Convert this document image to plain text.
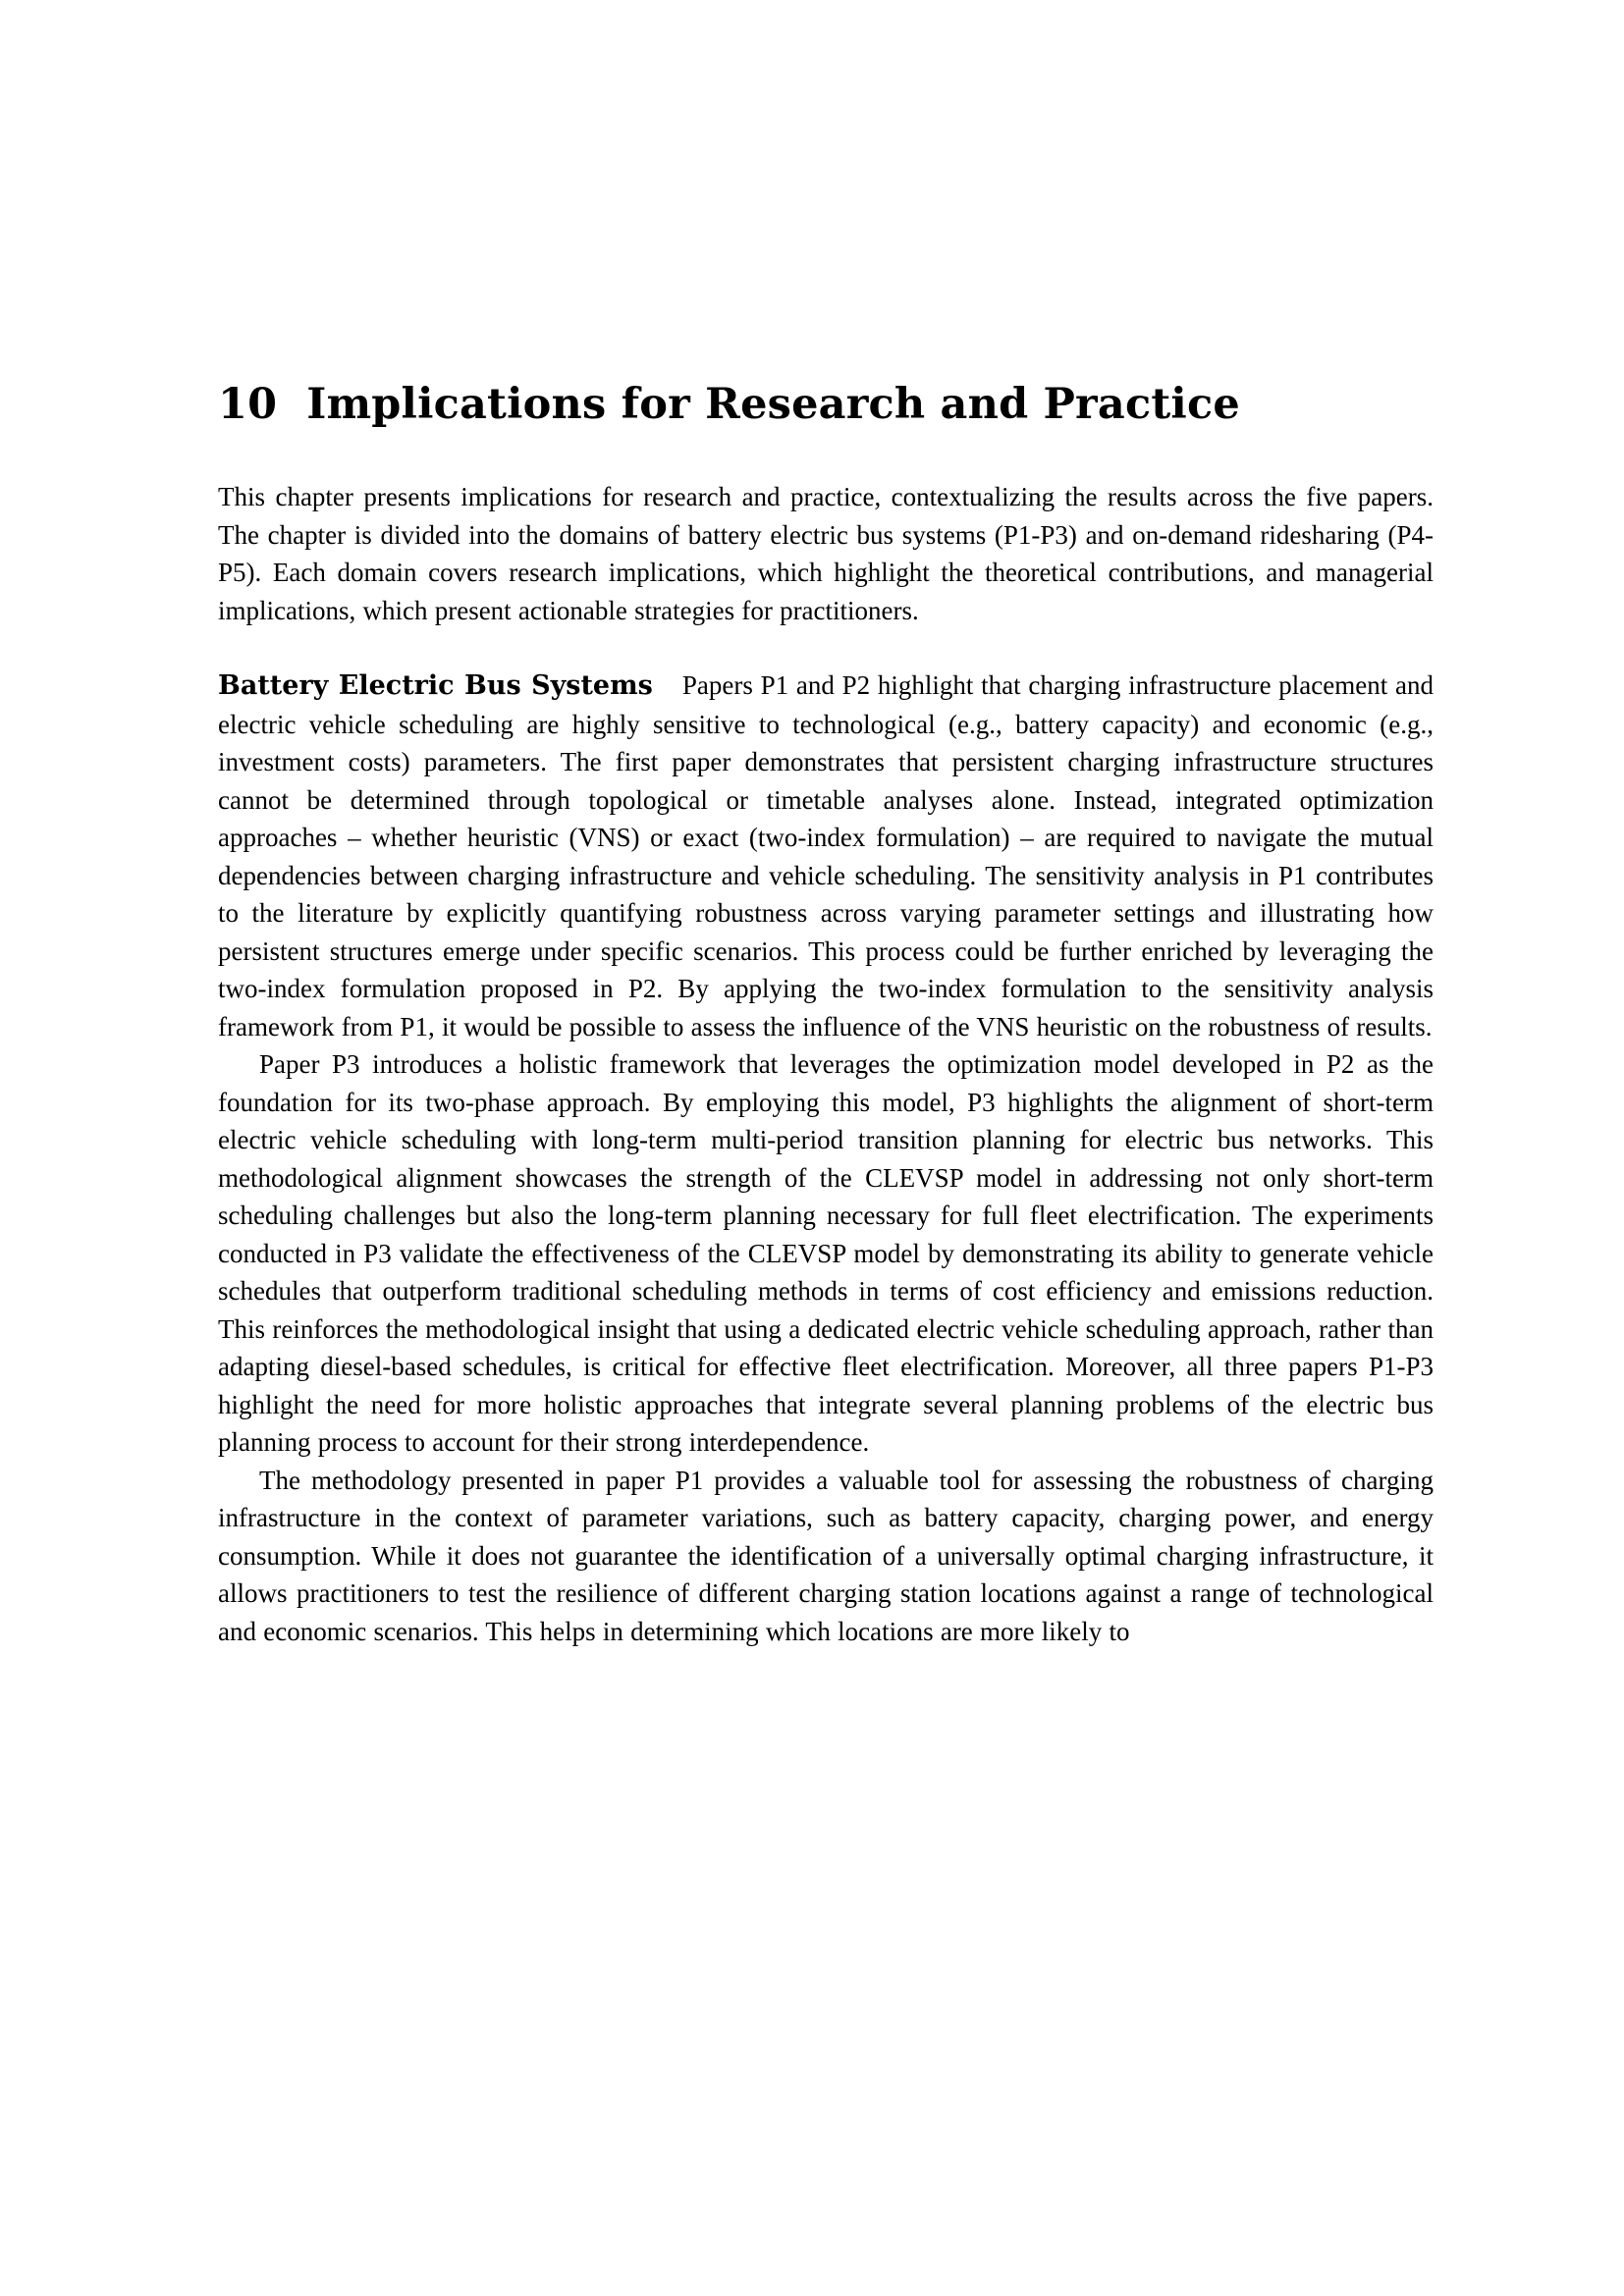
10 Implications for Research and Practice

This chapter presents implications for research and practice, contextualizing the results across the five papers. The chapter is divided into the domains of battery electric bus systems (P1-P3) and on-demand ridesharing (P4-P5). Each domain covers research implications, which highlight the theoretical contributions, and managerial implications, which present actionable strategies for practitioners.

Battery Electric Bus Systems Papers P1 and P2 highlight that charging infrastructure placement and electric vehicle scheduling are highly sensitive to technological (e.g., battery capacity) and economic (e.g., investment costs) parameters. The first paper demonstrates that persistent charging infrastructure structures cannot be determined through topological or timetable analyses alone. Instead, integrated optimization approaches – whether heuristic (VNS) or exact (two-index formulation) – are required to navigate the mutual dependencies between charging infrastructure and vehicle scheduling. The sensitivity analysis in P1 contributes to the literature by explicitly quantifying robustness across varying parameter settings and illustrating how persistent structures emerge under specific scenarios. This process could be further enriched by leveraging the two-index formulation proposed in P2. By applying the two-index formulation to the sensitivity analysis framework from P1, it would be possible to assess the influence of the VNS heuristic on the robustness of results.

Paper P3 introduces a holistic framework that leverages the optimization model developed in P2 as the foundation for its two-phase approach. By employing this model, P3 highlights the alignment of short-term electric vehicle scheduling with long-term multi-period transition planning for electric bus networks. This methodological alignment showcases the strength of the CLEVSP model in addressing not only short-term scheduling challenges but also the long-term planning necessary for full fleet electrification. The experiments conducted in P3 validate the effectiveness of the CLEVSP model by demonstrating its ability to generate vehicle schedules that outperform traditional scheduling methods in terms of cost efficiency and emissions reduction. This reinforces the methodological insight that using a dedicated electric vehicle scheduling approach, rather than adapting diesel-based schedules, is critical for effective fleet electrification. Moreover, all three papers P1-P3 highlight the need for more holistic approaches that integrate several planning problems of the electric bus planning process to account for their strong interdependence.

The methodology presented in paper P1 provides a valuable tool for assessing the robustness of charging infrastructure in the context of parameter variations, such as battery capacity, charging power, and energy consumption. While it does not guarantee the identification of a universally optimal charging infrastructure, it allows practitioners to test the resilience of different charging station locations against a range of technological and economic scenarios. This helps in determining which locations are more likely to
